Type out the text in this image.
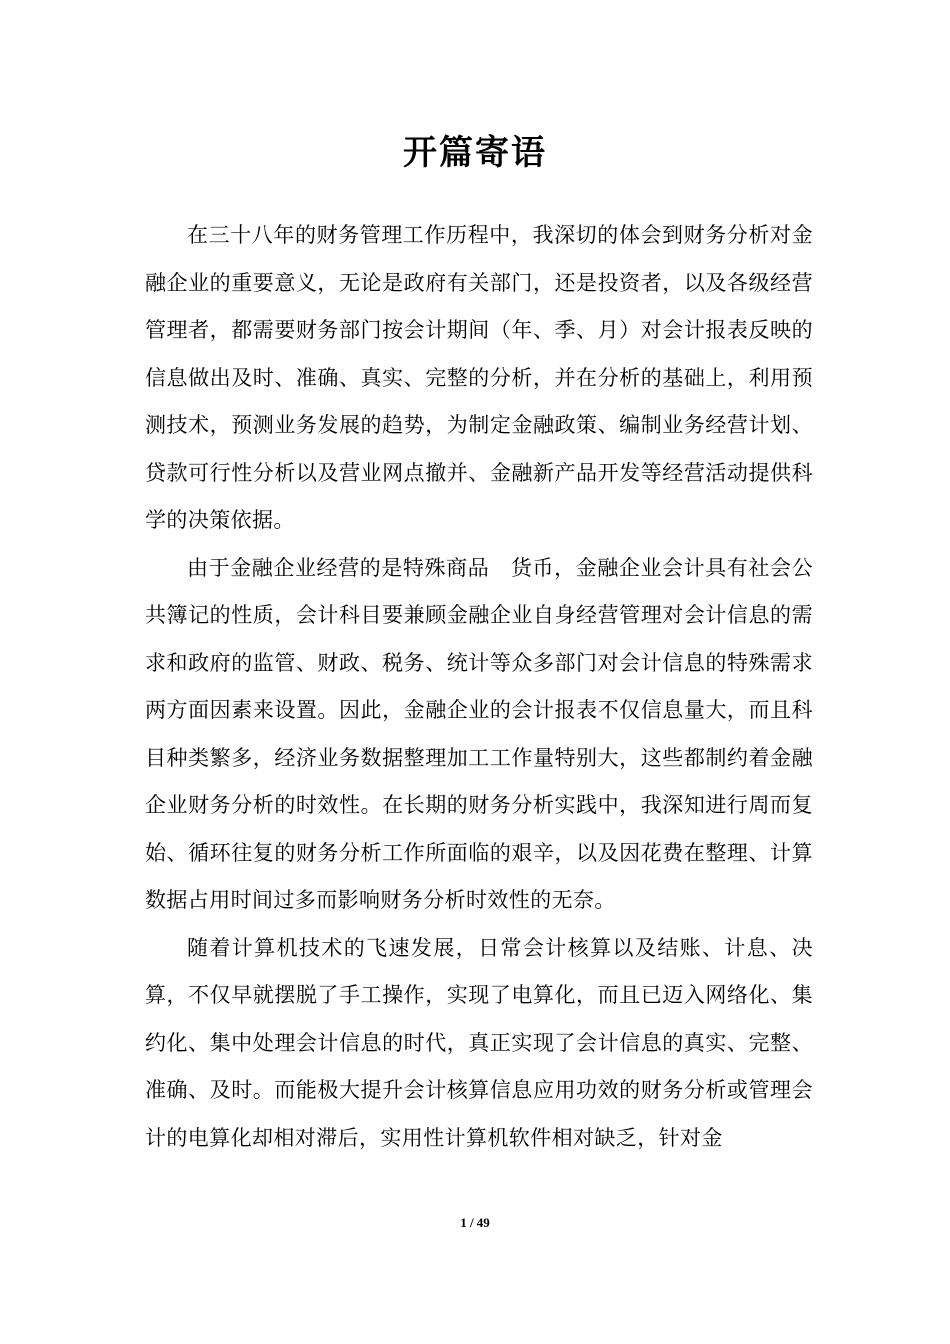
开篇寄语

在三十八年的财务管理工作历程中，我深切的体会到财务分析对金融企业的重要意义，无论是政府有关部门，还是投资者，以及各级经营管理者，都需要财务部门按会计期间（年、季、月）对会计报表反映的信息做出及时、准确、真实、完整的分析，并在分析的基础上，利用预测技术，预测业务发展的趋势，为制定金融政策、编制业务经营计划、贷款可行性分析以及营业网点撤并、金融新产品开发等经营活动提供科学的决策依据。

由于金融企业经营的是特殊商品　货币，金融企业会计具有社会公共簿记的性质，会计科目要兼顾金融企业自身经营管理对会计信息的需求和政府的监管、财政、税务、统计等众多部门对会计信息的特殊需求两方面因素来设置。因此，金融企业的会计报表不仅信息量大，而且科目种类繁多，经济业务数据整理加工工作量特别大，这些都制约着金融企业财务分析的时效性。在长期的财务分析实践中，我深知进行周而复始、循环往复的财务分析工作所面临的艰辛，以及因花费在整理、计算数据占用时间过多而影响财务分析时效性的无奈。

随着计算机技术的飞速发展，日常会计核算以及结账、计息、决算，不仅早就摆脱了手工操作，实现了电算化，而且已迈入网络化、集约化、集中处理会计信息的时代，真正实现了会计信息的真实、完整、准确、及时。而能极大提升会计核算信息应用功效的财务分析或管理会计的电算化却相对滞后，实用性计算机软件相对缺乏，针对金

1 / 49
